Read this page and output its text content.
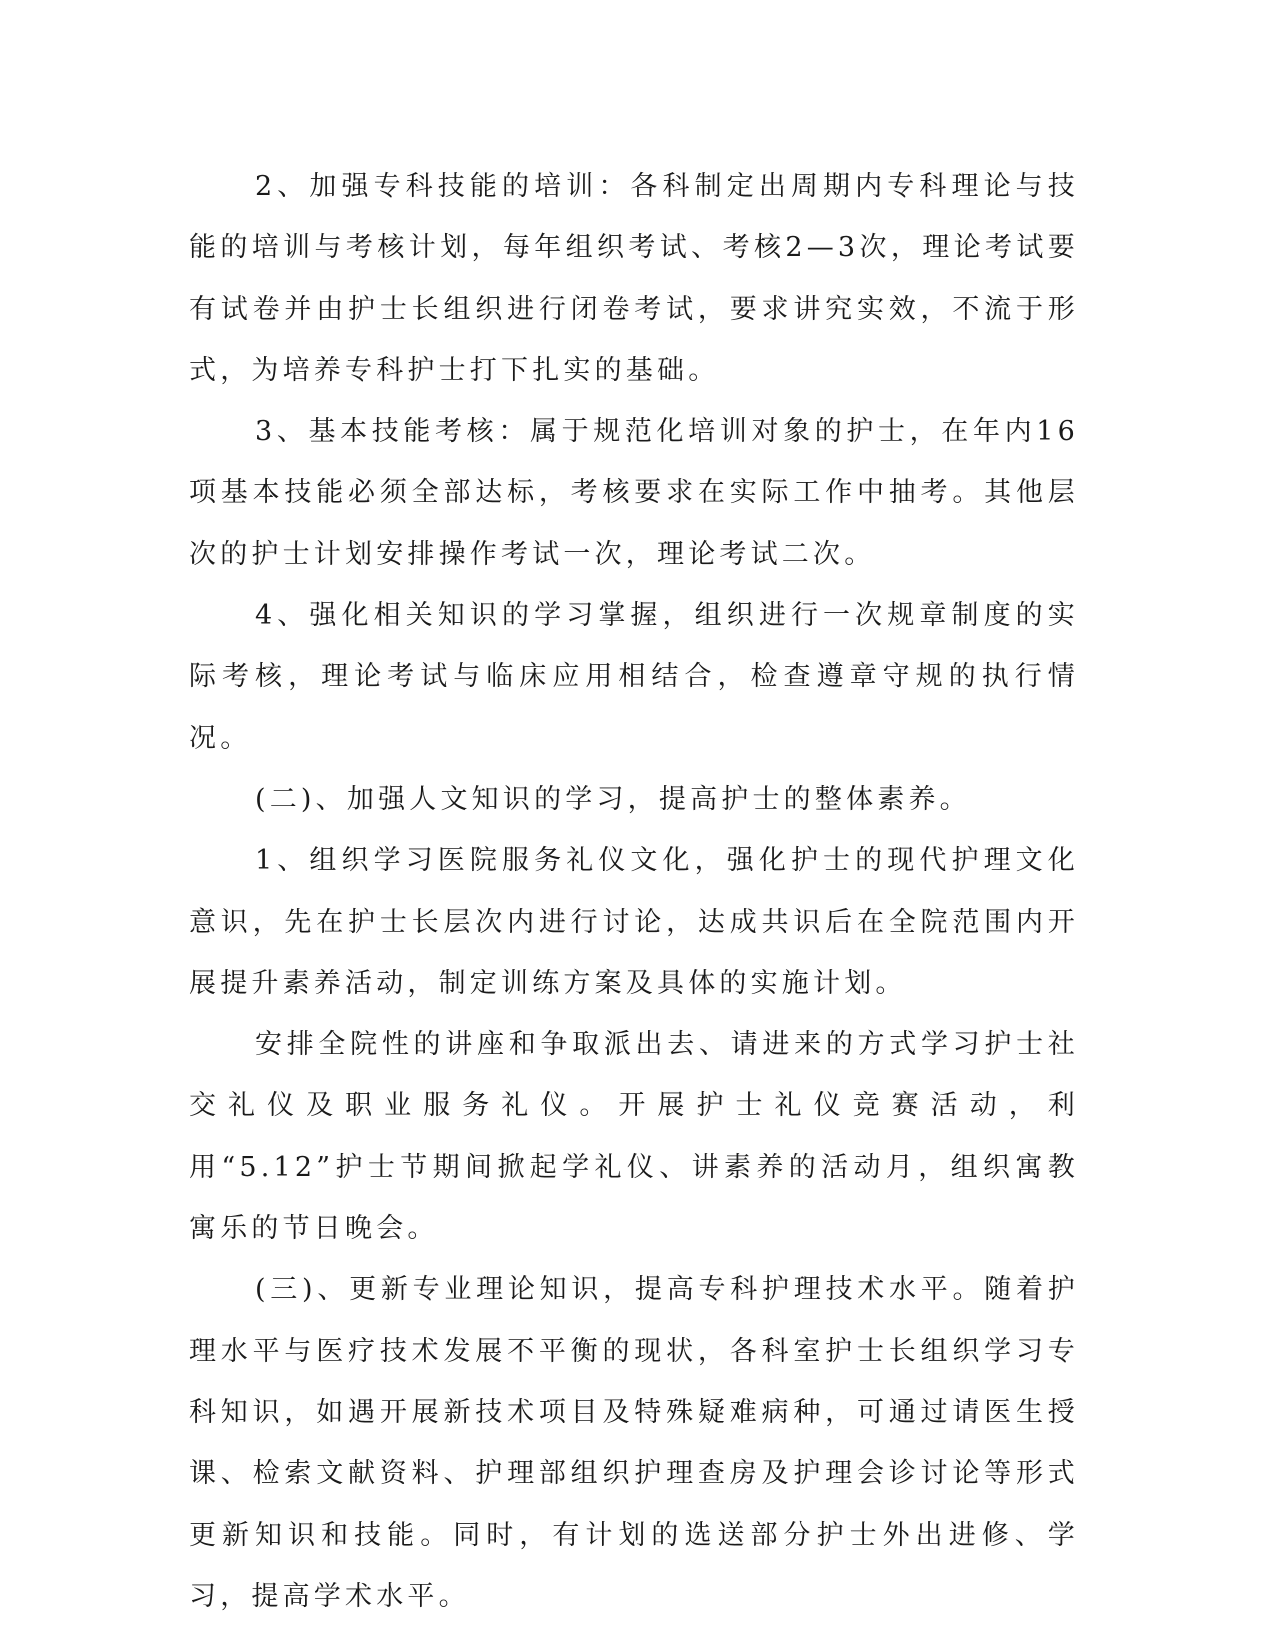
2、加强专科技能的培训：各科制定出周期内专科理论与技能的培训与考核计划，每年组织考试、考核2—3次，理论考试要有试卷并由护士长组织进行闭卷考试，要求讲究实效，不流于形式，为培养专科护士打下扎实的基础。

3、基本技能考核：属于规范化培训对象的护士，在年内16项基本技能必须全部达标，考核要求在实际工作中抽考。其他层次的护士计划安排操作考试一次，理论考试二次。

4、强化相关知识的学习掌握，组织进行一次规章制度的实际考核，理论考试与临床应用相结合，检查遵章守规的执行情况。

(二)、加强人文知识的学习，提高护士的整体素养。

1、组织学习医院服务礼仪文化，强化护士的现代护理文化意识，先在护士长层次内进行讨论，达成共识后在全院范围内开展提升素养活动，制定训练方案及具体的实施计划。

安排全院性的讲座和争取派出去、请进来的方式学习护士社交礼仪及职业服务礼仪。开展护士礼仪竞赛活动，利用“5.12”护士节期间掀起学礼仪、讲素养的活动月，组织寓教寓乐的节日晚会。

(三)、更新专业理论知识，提高专科护理技术水平。随着护理水平与医疗技术发展不平衡的现状，各科室护士长组织学习专科知识，如遇开展新技术项目及特殊疑难病种，可通过请医生授课、检索文献资料、护理部组织护理查房及护理会诊讨论等形式更新知识和技能。同时，有计划的选送部分护士外出进修、学习，提高学术水平。
